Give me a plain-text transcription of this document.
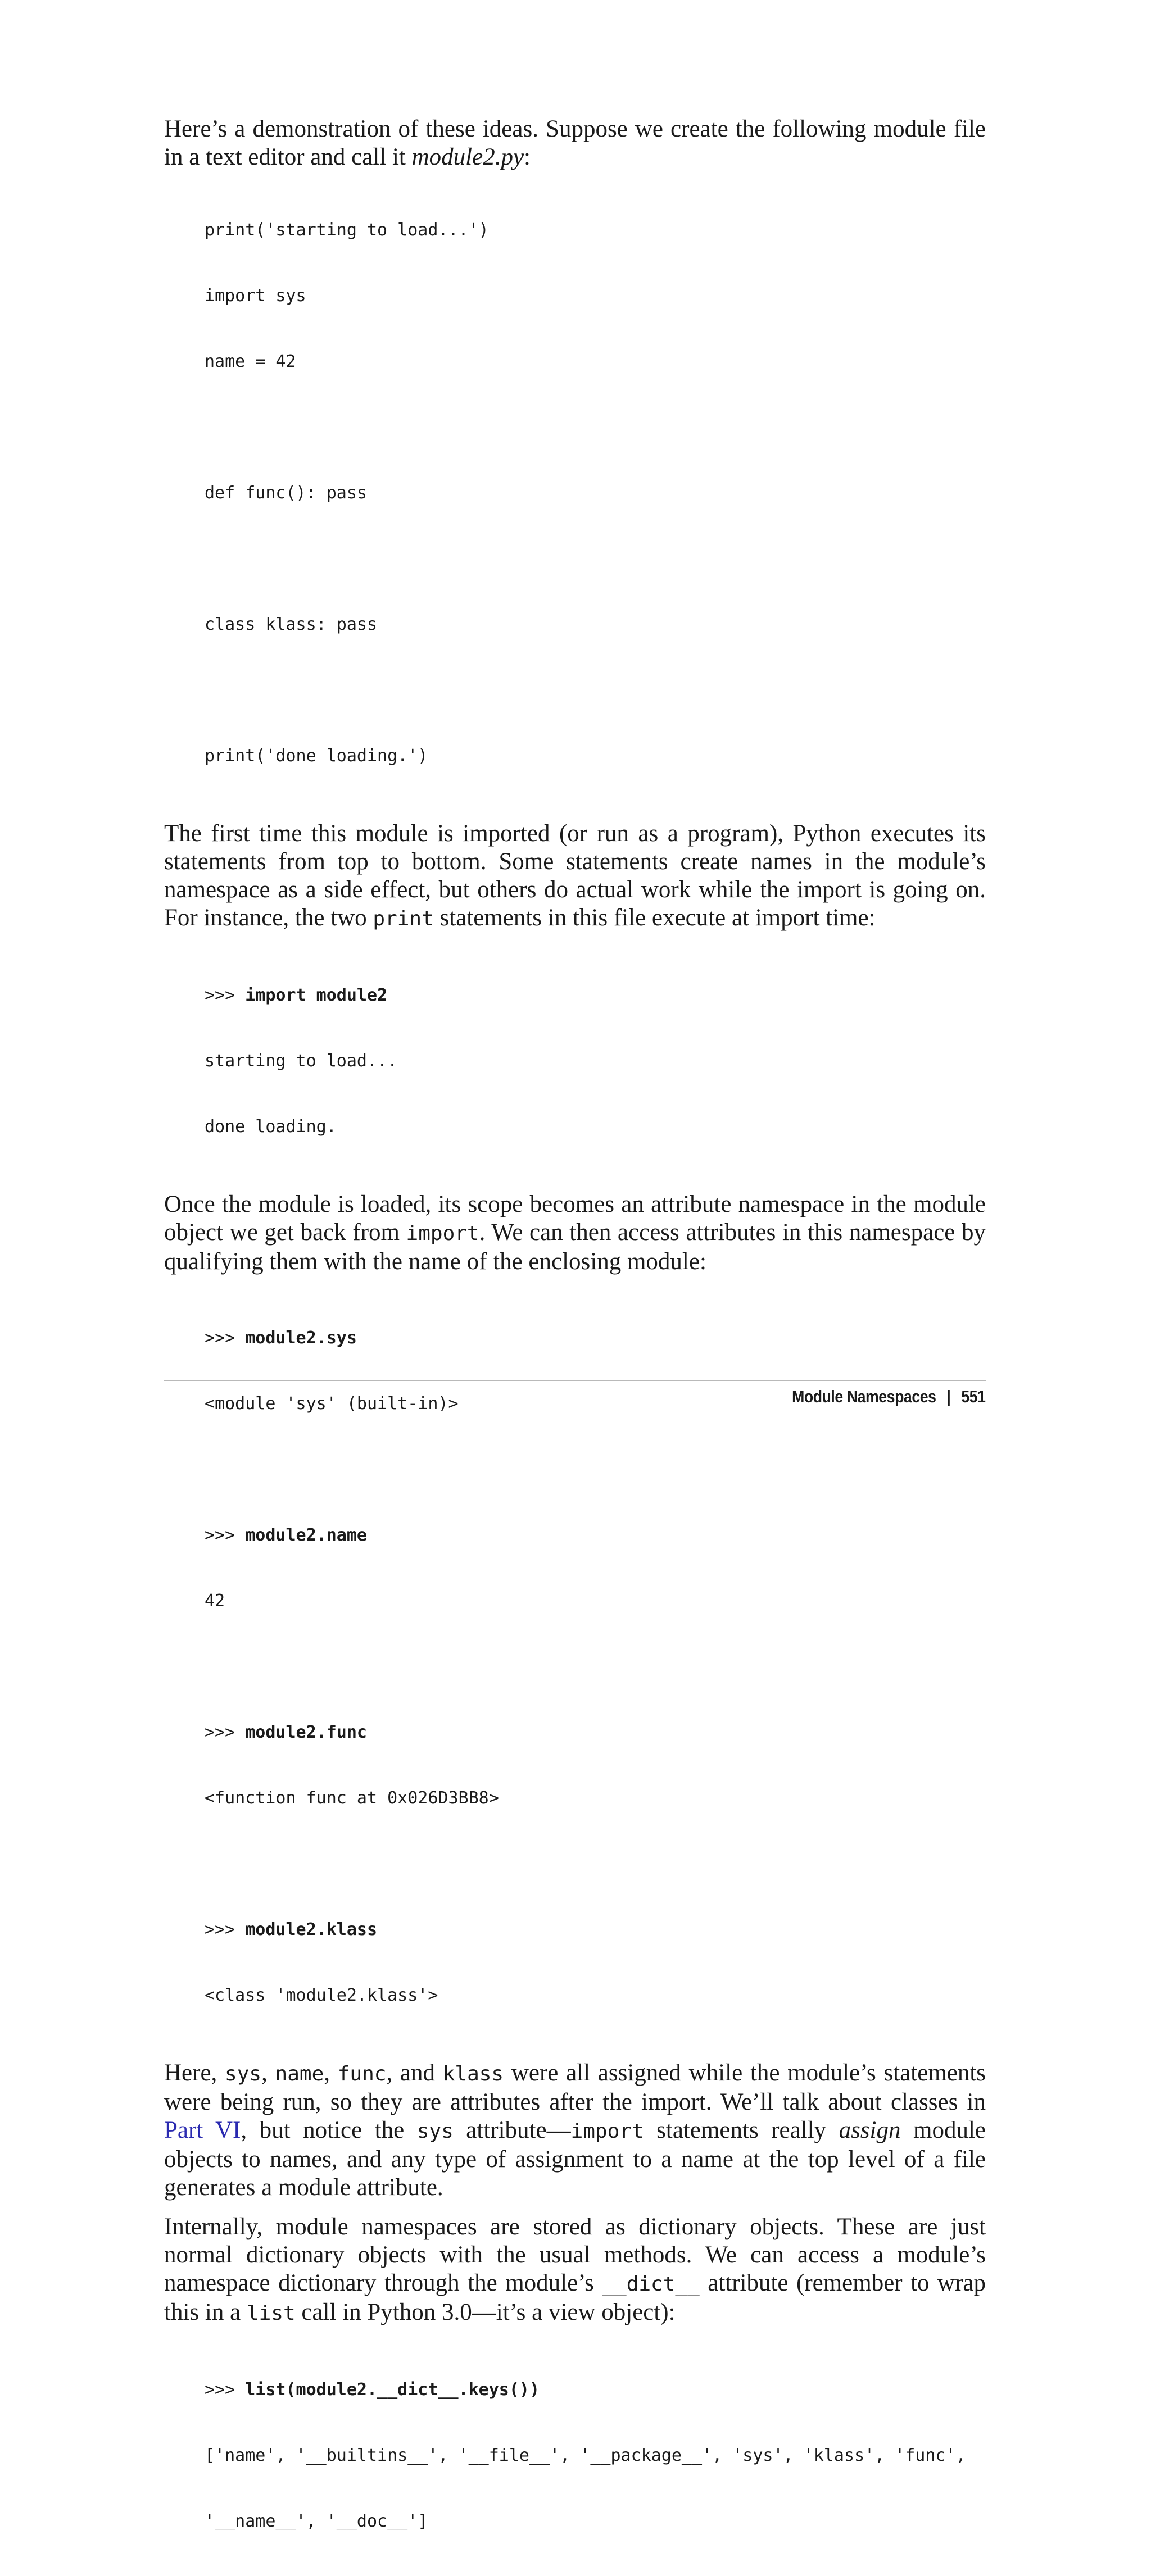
Here’s a demonstration of these ideas. Suppose we create the following module file in a text editor and call it module2.py:

print('starting to load...')

import sys

name = 42

def func(): pass

class klass: pass

print('done loading.')

The first time this module is imported (or run as a program), Python executes its statements from top to bottom. Some statements create names in the module’s namespace as a side effect, but others do actual work while the import is going on. For instance, the two print statements in this file execute at import time:

>>> import module2

starting to load...

done loading.

Once the module is loaded, its scope becomes an attribute namespace in the module object we get back from import. We can then access attributes in this namespace by qualifying them with the name of the enclosing module:

>>> module2.sys

<module 'sys' (built-in)>

>>> module2.name

42

>>> module2.func

<function func at 0x026D3BB8>

>>> module2.klass

<class 'module2.klass'>

Here, sys, name, func, and klass were all assigned while the module’s statements were being run, so they are attributes after the import. We’ll talk about classes in Part VI, but notice the sys attribute—import statements really assign module objects to names, and any type of assignment to a name at the top level of a file generates a module attribute.

Internally, module namespaces are stored as dictionary objects. These are just normal dictionary objects with the usual methods. We can access a module’s namespace dictionary through the module’s __dict__ attribute (remember to wrap this in a list call in Python 3.0—it’s a view object):

>>> list(module2.__dict__.keys())

['name', '__builtins__', '__file__', '__package__', 'sys', 'klass', 'func',

'__name__', '__doc__']

Module Namespaces | 551
